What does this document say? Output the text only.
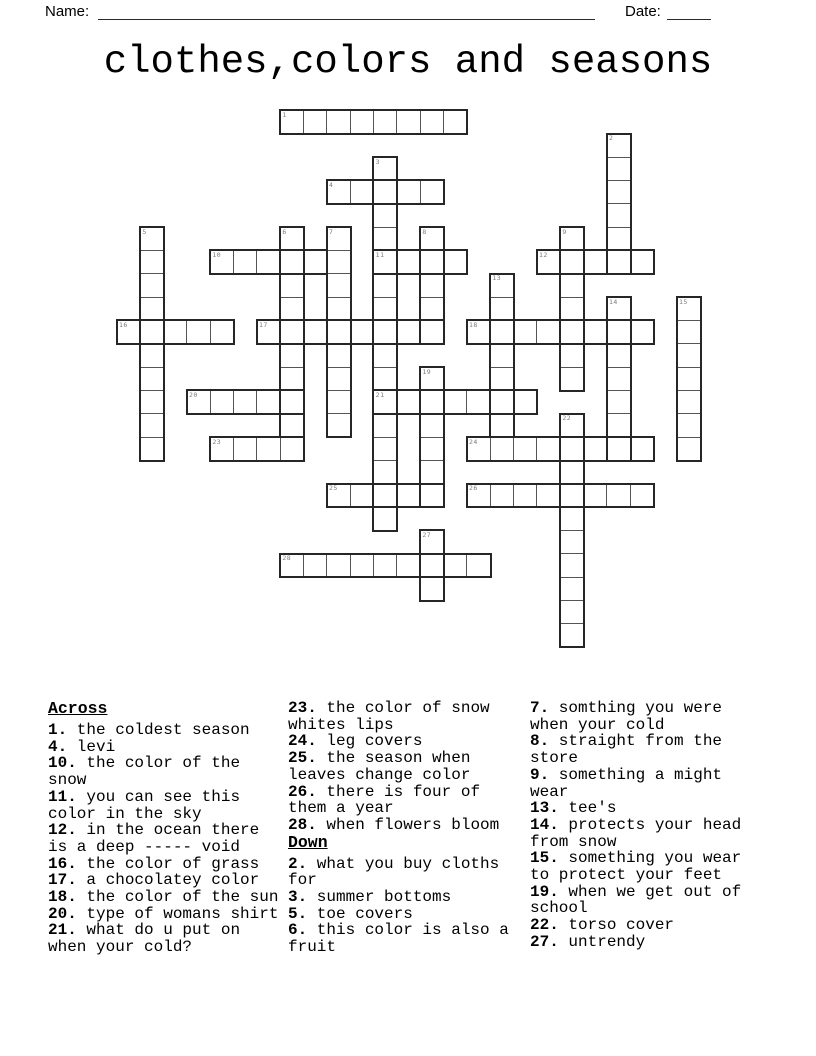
Name:	Date:
clothes,colors and seasons
1
4
10	11	12
16	17	18
20	21
23	24
25	26
28
2
3
5	6	7	8	9
13
14	15
19
22
27
Across
1. the coldest season
4. levi
10. the color of the snow
11. you can see this color in the sky
12. in the ocean there is a deep ----- void
16. the color of grass
17. a chocolatey color
18. the color of the sun
20. type of womans shirt
21. what do u put on when your cold?
23. the color of snow whites lips
24. leg covers
25. the season when leaves change color
26. there is four of them a year
28. when flowers bloom
Down
2. what you buy cloths for
3. summer bottoms
5. toe covers
6. this color is also a fruit
7. somthing you were when your cold
8. straight from the store
9. something a might wear
13. tee's
14. protects your head from snow
15. something you wear to protect your feet
19. when we get out of school
22. torso cover
27. untrendy
